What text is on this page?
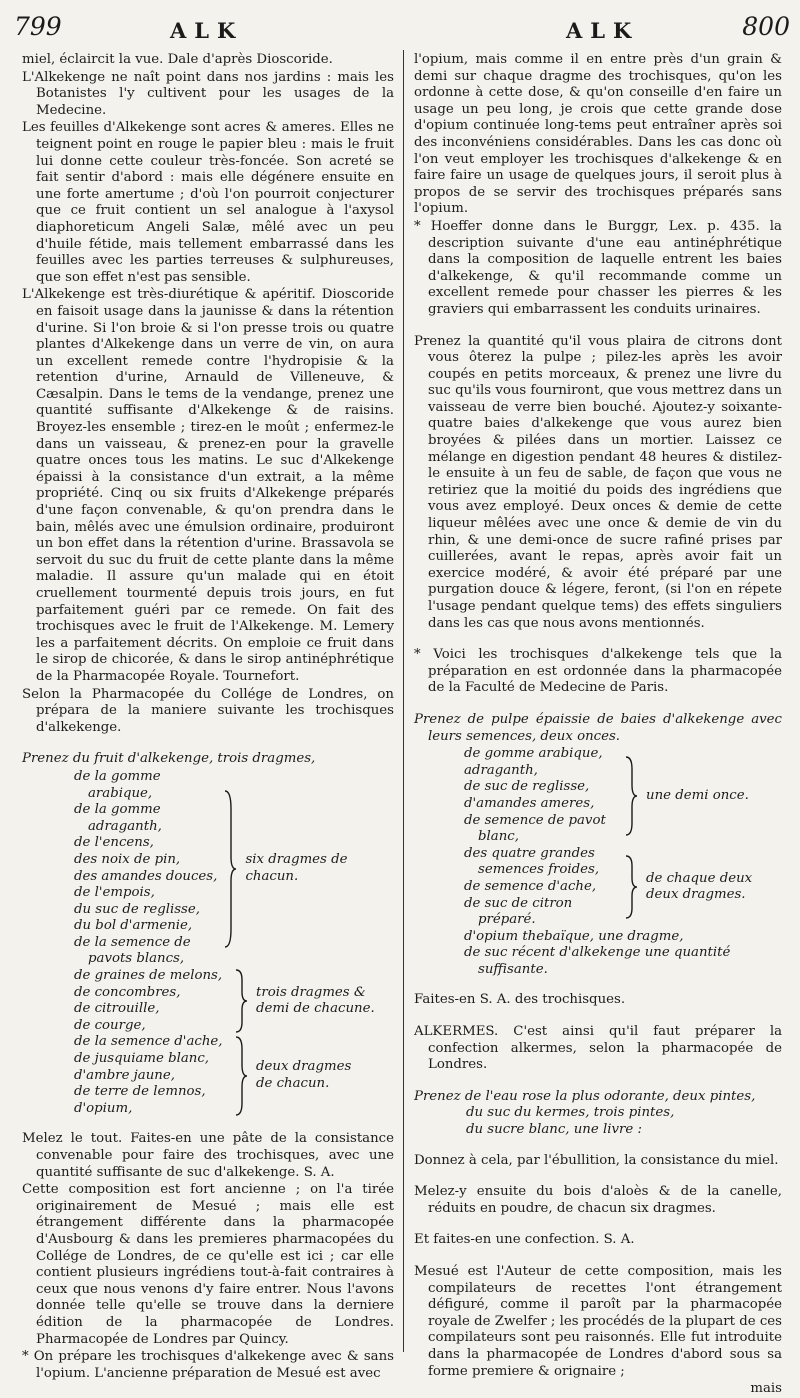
799	ALK	ALK	800

miel, éclaircit la vue. Dale d'après Dioscoride.

L'Alkekenge ne naît point dans nos jardins : mais les Botanistes l'y cultivent pour les usages de la Medecine.

Les feuilles d'Alkekenge sont acres & ameres. Elles ne teignent point en rouge le papier bleu : mais le fruit lui donne cette couleur très-foncée. Son acreté se fait sentir d'abord : mais elle dégénere ensuite en une forte amertume ; d'où l'on pourroit conjecturer que ce fruit contient un sel analogue à l'axysol diaphoreticum Angeli Salæ, mêlé avec un peu d'huile fétide, mais tellement embarrassé dans les feuilles avec les parties terreuses & sulphureuses, que son effet n'est pas sensible.

L'Alkekenge est très-diurétique & apéritif. Dioscoride en faisoit usage dans la jaunisse & dans la rétention d'urine. Si l'on broie & si l'on presse trois ou quatre plantes d'Alkekenge dans un verre de vin, on aura un excellent remede contre l'hydropisie & la retention d'urine, Arnauld de Villeneuve, & Cæsalpin. Dans le tems de la vendange, prenez une quantité suffisante d'Alkekenge & de raisins. Broyez-les ensemble ; tirez-en le moût ; enfermez-le dans un vaisseau, & prenez-en pour la gravelle quatre onces tous les matins. Le suc d'Alkekenge épaissi à la consistance d'un extrait, a la même propriété. Cinq ou six fruits d'Alkekenge préparés d'une façon convenable, & qu'on prendra dans le bain, mêlés avec une émulsion ordinaire, produiront un bon effet dans la rétention d'urine. Brassavola se servoit du suc du fruit de cette plante dans la même maladie. Il assure qu'un malade qui en étoit cruellement tourmenté depuis trois jours, en fut parfaitement guéri par ce remede. On fait des trochisques avec le fruit de l'Alkekenge. M. Lemery les a parfaitement décrits. On emploie ce fruit dans le sirop de chicorée, & dans le sirop antinéphrétique de la Pharmacopée Royale. Tournefort.

Selon la Pharmacopée du Collége de Londres, on prépara de la maniere suivante les trochisques d'alkekenge.

Prenez du fruit d'alkekenge, trois dragmes,

de la gomme arabique,
de la gomme adraganth,
de l'encens,
des noix de pin,
des amandes douces,
de l'empois,
du suc de reglisse,
du bol d'armenie,
de la semence de pavots blancs,
six dragmes de chacun.
de graines de melons,
de concombres,
de citrouille,
de courge,
trois dragmes & demi de chacune.
de la semence d'ache,
de jusquiame blanc,
d'ambre jaune,
de terre de lemnos,
d'opium,
deux dragmes de chacun.

Melez le tout. Faites-en une pâte de la consistance convenable pour faire des trochisques, avec une quantité suffisante de suc d'alkekenge. S. A.

Cette composition est fort ancienne ; on l'a tirée originairement de Mesué ; mais elle est étrangement différente dans la pharmacopée d'Ausbourg & dans les premieres pharmacopées du Collége de Londres, de ce qu'elle est ici ; car elle contient plusieurs ingrédiens tout-à-fait contraires à ceux que nous venons d'y faire entrer. Nous l'avons donnée telle qu'elle se trouve dans la derniere édition de la pharmacopée de Londres. Pharmacopée de Londres par Quincy.

* On prépare les trochisques d'alkekenge avec & sans l'opium. L'ancienne préparation de Mesué est avec

l'opium, mais comme il en entre près d'un grain & demi sur chaque dragme des trochisques, qu'on les ordonne à cette dose, & qu'on conseille d'en faire un usage un peu long, je crois que cette grande dose d'opium continuée long-tems peut entraîner après soi des inconvéniens considérables. Dans les cas donc où l'on veut employer les trochisques d'alkekenge & en faire faire un usage de quelques jours, il seroit plus à propos de se servir des trochisques préparés sans l'opium.

* Hoeffer donne dans le Burggr, Lex. p. 435. la description suivante d'une eau antinéphrétique dans la composition de laquelle entrent les baies d'alkekenge, & qu'il recommande comme un excellent remede pour chasser les pierres & les graviers qui embarrassent les conduits urinaires.

Prenez la quantité qu'il vous plaira de citrons dont vous ôterez la pulpe ; pilez-les après les avoir coupés en petits morceaux, & prenez une livre du suc qu'ils vous fourniront, que vous mettrez dans un vaisseau de verre bien bouché. Ajoutez-y soixante-quatre baies d'alkekenge que vous aurez bien broyées & pilées dans un mortier. Laissez ce mélange en digestion pendant 48 heures & distilez-le ensuite à un feu de sable, de façon que vous ne retiriez que la moitié du poids des ingrédiens que vous avez employé. Deux onces & demie de cette liqueur mêlées avec une once & demie de vin du rhin, & une demi-once de sucre rafiné prises par cuillerées, avant le repas, après avoir fait un exercice modéré, & avoir été préparé par une purgation douce & légere, feront, (si l'on en répete l'usage pendant quelque tems) des effets singuliers dans les cas que nous avons mentionnés.

* Voici les trochisques d'alkekenge tels que la préparation en est ordonnée dans la pharmacopée de la Faculté de Medecine de Paris.

Prenez de pulpe épaissie de baies d'alkekenge avec leurs semences, deux onces.

de gomme arabique,
adraganth,
de suc de reglisse,
d'amandes ameres,
de semence de pavot blanc,
une demi once.
des quatre grandes semences froides,
de semence d'ache,
de suc de citron préparé.
de chaque deux deux dragmes.
d'opium thebaïque, une dragme,
de suc récent d'alkekenge une quantité suffisante.

Faites-en S. A. des trochisques.

ALKERMES. C'est ainsi qu'il faut préparer la confection alkermes, selon la pharmacopée de Londres.

Prenez de l'eau rose la plus odorante, deux pintes,
du suc du kermes, trois pintes,
du sucre blanc, une livre :

Donnez à cela, par l'ébullition, la consistance du miel.

Melez-y ensuite du bois d'aloès & de la canelle, réduits en poudre, de chacun six dragmes.

Et faites-en une confection. S. A.

Mesué est l'Auteur de cette composition, mais les compilateurs de recettes l'ont étrangement défiguré, comme il paroît par la pharmacopée royale de Zwelfer ; les procédés de la plupart de ces compilateurs sont peu raisonnés. Elle fut introduite dans la pharmacopée de Londres d'abord sous sa forme premiere & orignaire ;

mais
